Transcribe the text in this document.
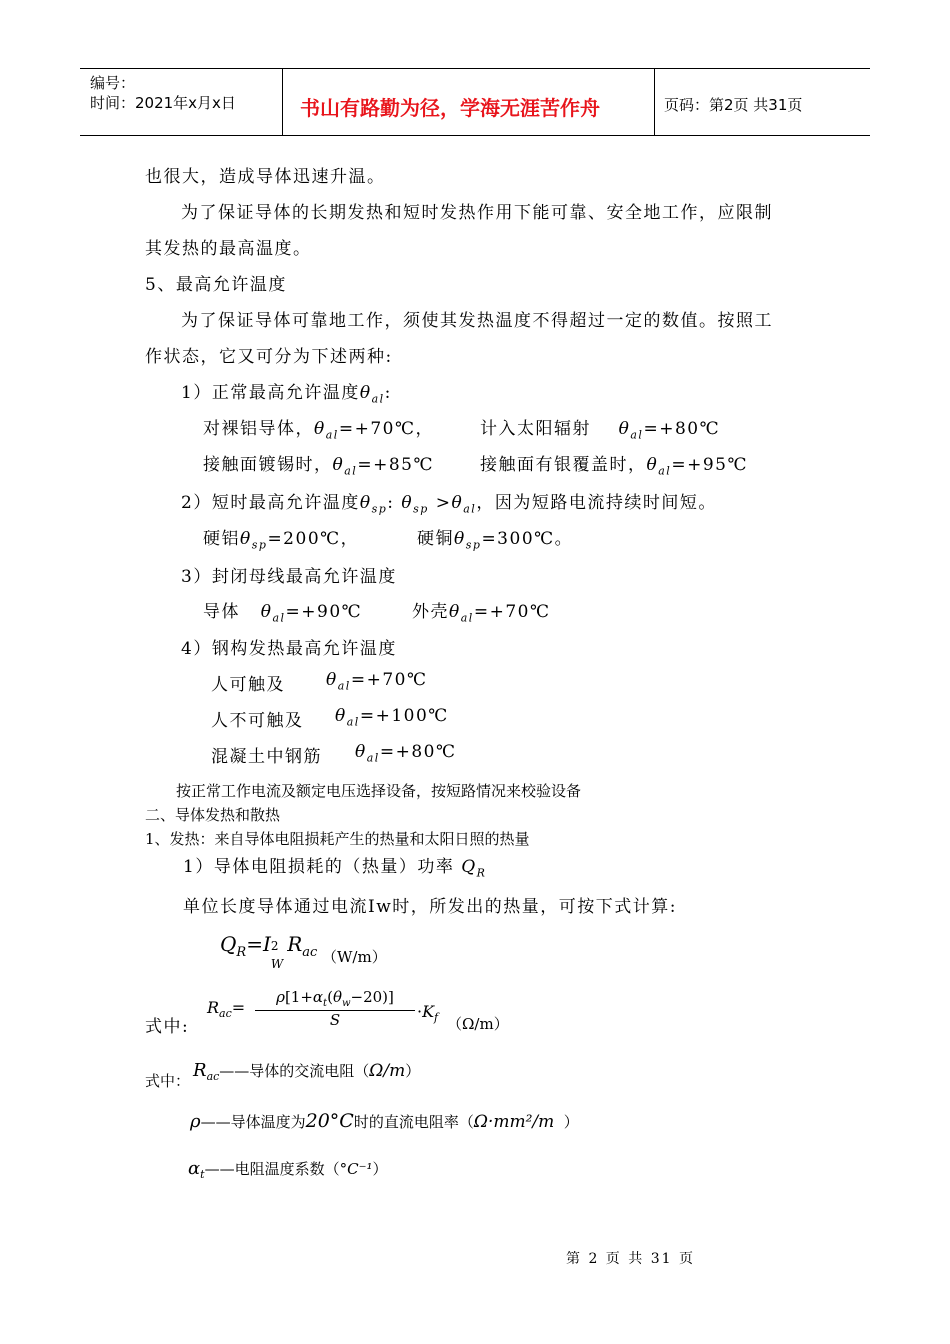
编号：
时间：2021年x月x日	书山有路勤为径，学海无涯苦作舟	页码：第2页 共31页
也很大，造成导体迅速升温。
为了保证导体的长期发热和短时发热作用下能可靠、安全地工作，应限制
其发热的最高温度。
5、最高允许温度
为了保证导体可靠地工作，须使其发热温度不得超过一定的数值。按照工
作状态，它又可分为下述两种:
1）正常最高允许温度$\theta_{al}$:
对裸铝导体，$\theta_{al}=+70℃$，	计入太阳辐射 $\theta_{al}=+80℃$
接触面镀锡时，$\theta_{al}=+85℃$	接触面有银覆盖时，$\theta_{al}=+95℃$
2）短时最高允许温度$\theta_{sp}$: $\theta_{sp} >\theta_{al}$，因为短路电流持续时间短。
硬铝$\theta_{sp}=200℃$，	硬铜$\theta_{sp}=300℃$。
3）封闭母线最高允许温度
导体 $\theta_{al}=+90℃$	外壳$\theta_{al}=+70℃$
4）钢构发热最高允许温度
人可触及 $\theta_{al}=+70℃$
人不可触及 $\theta_{al}=+100℃$
混凝土中钢筋 $\theta_{al}=+80℃$
按正常工作电流及额定电压选择设备，按短路情况来校验设备
二、导体发热和散热
1、发热：来自导体电阻损耗产生的热量和太阳日照的热量
1）导体电阻损耗的（热量）功率 $Q_R$
单位长度导体通过电流Iw时，所发出的热量，可按下式计算:
$Q_R=I$ 2
W
$R_{ac}$ （W/m）
式中:
$R_{ac}=$
$\rho[1+\alpha_t(\theta_w-20)]$
S	$\cdot K_f$ （Ω/m）
式中： $R_{ac}——$导体的交流电阻（Ω/m）
ρ——导体温度为20°C时的直流电阻率（Ω·mm²/m ）
$\alpha_t——$电阻温度系数（°C⁻¹）
第 2 页 共 31 页
